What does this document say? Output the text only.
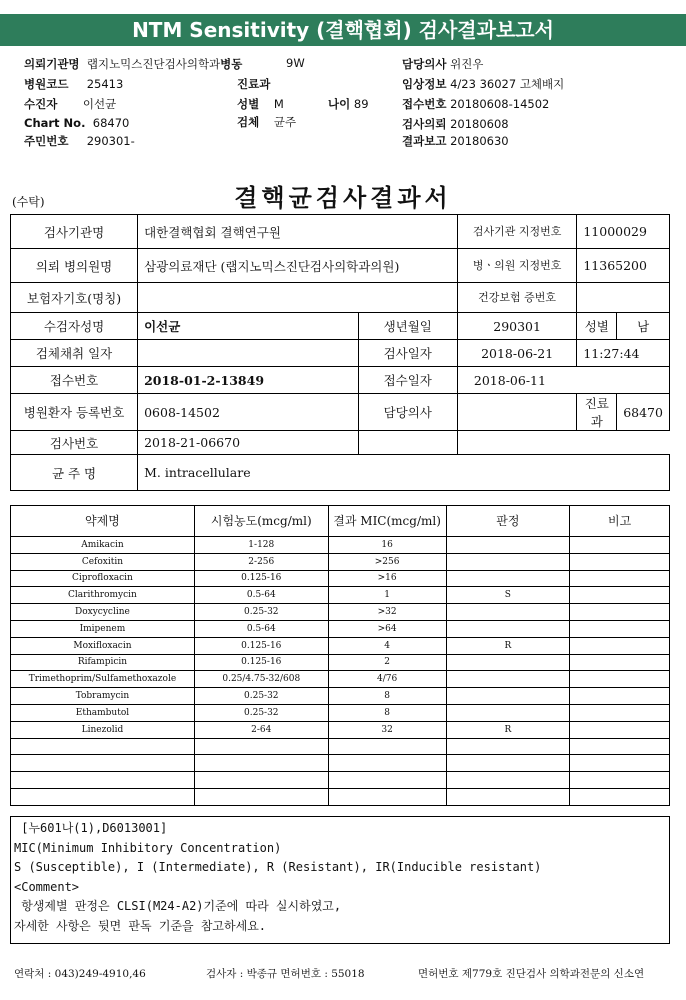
NTM Sensitivity (결핵협회) 검사결과보고서
의뢰기관명 랩지노믹스진단검사의학과병동	9W	담당의사 위진우
병원코드 25413	진료과	임상정보 4/23 36027 고체배지
수진자 이선균	성별 M	나이 89	접수번호 20180608-14502
Chart No. 68470	검체 균주	검사의뢰 20180608
주민번호 290301-	결과보고 20180630
(수탁)	결핵균검사결과서
검사기관명	대한결핵협회 결핵연구원		검사기관 지정번호	11000029	
의뢰 병의원명	삼광의료재단 (랩지노믹스진단검사의학과의원)		병ㆍ의원 지정번호	11365200	
보험자기호(명칭)			건강보험 증번호		
수검자성명	이선균	생년월일	290301	성별	남
검체채취 일자		검사일자	2018-06-21	11:27:44	
접수번호	2018-01-2-13849	접수일자	2018-06-11		
병원환자 등록번호	0608-14502	담당의사		진료과	68470
검사번호	2018-21-06670				
균 주 명	M. intracellulare				
약제명	시험농도(mcg/ml)	결과 MIC(mcg/ml)	판정	비고
Amikacin	1-128	16		
Cefoxitin	2-256	>256		
Ciprofloxacin	0.125-16	>16		
Clarithromycin	0.5-64	1	S	
Doxycycline	0.25-32	>32		
Imipenem	0.5-64	>64		
Moxifloxacin	0.125-16	4	R	
Rifampicin	0.125-16	2		
Trimethoprim/Sulfamethoxazole	0.25/4.75-32/608	4/76		
Tobramycin	0.25-32	8		
Ethambutol	0.25-32	8		
Linezolid	2-64	32	R	

[누601나(1),D6013001]
MIC(Minimum Inhibitory Concentration)
S (Susceptible), I (Intermediate), R (Resistant), IR(Inducible resistant)
<Comment>
항생제별 판정은 CLSI(M24-A2)기준에 따라 실시하였고,
자세한 사항은 뒷면 판독 기준을 참고하세요.
연락처 : 043)249-4910,46	검사자 : 박종규 면허번호 : 55018	면허번호 제779호 진단검사 의학과전문의 신소연
